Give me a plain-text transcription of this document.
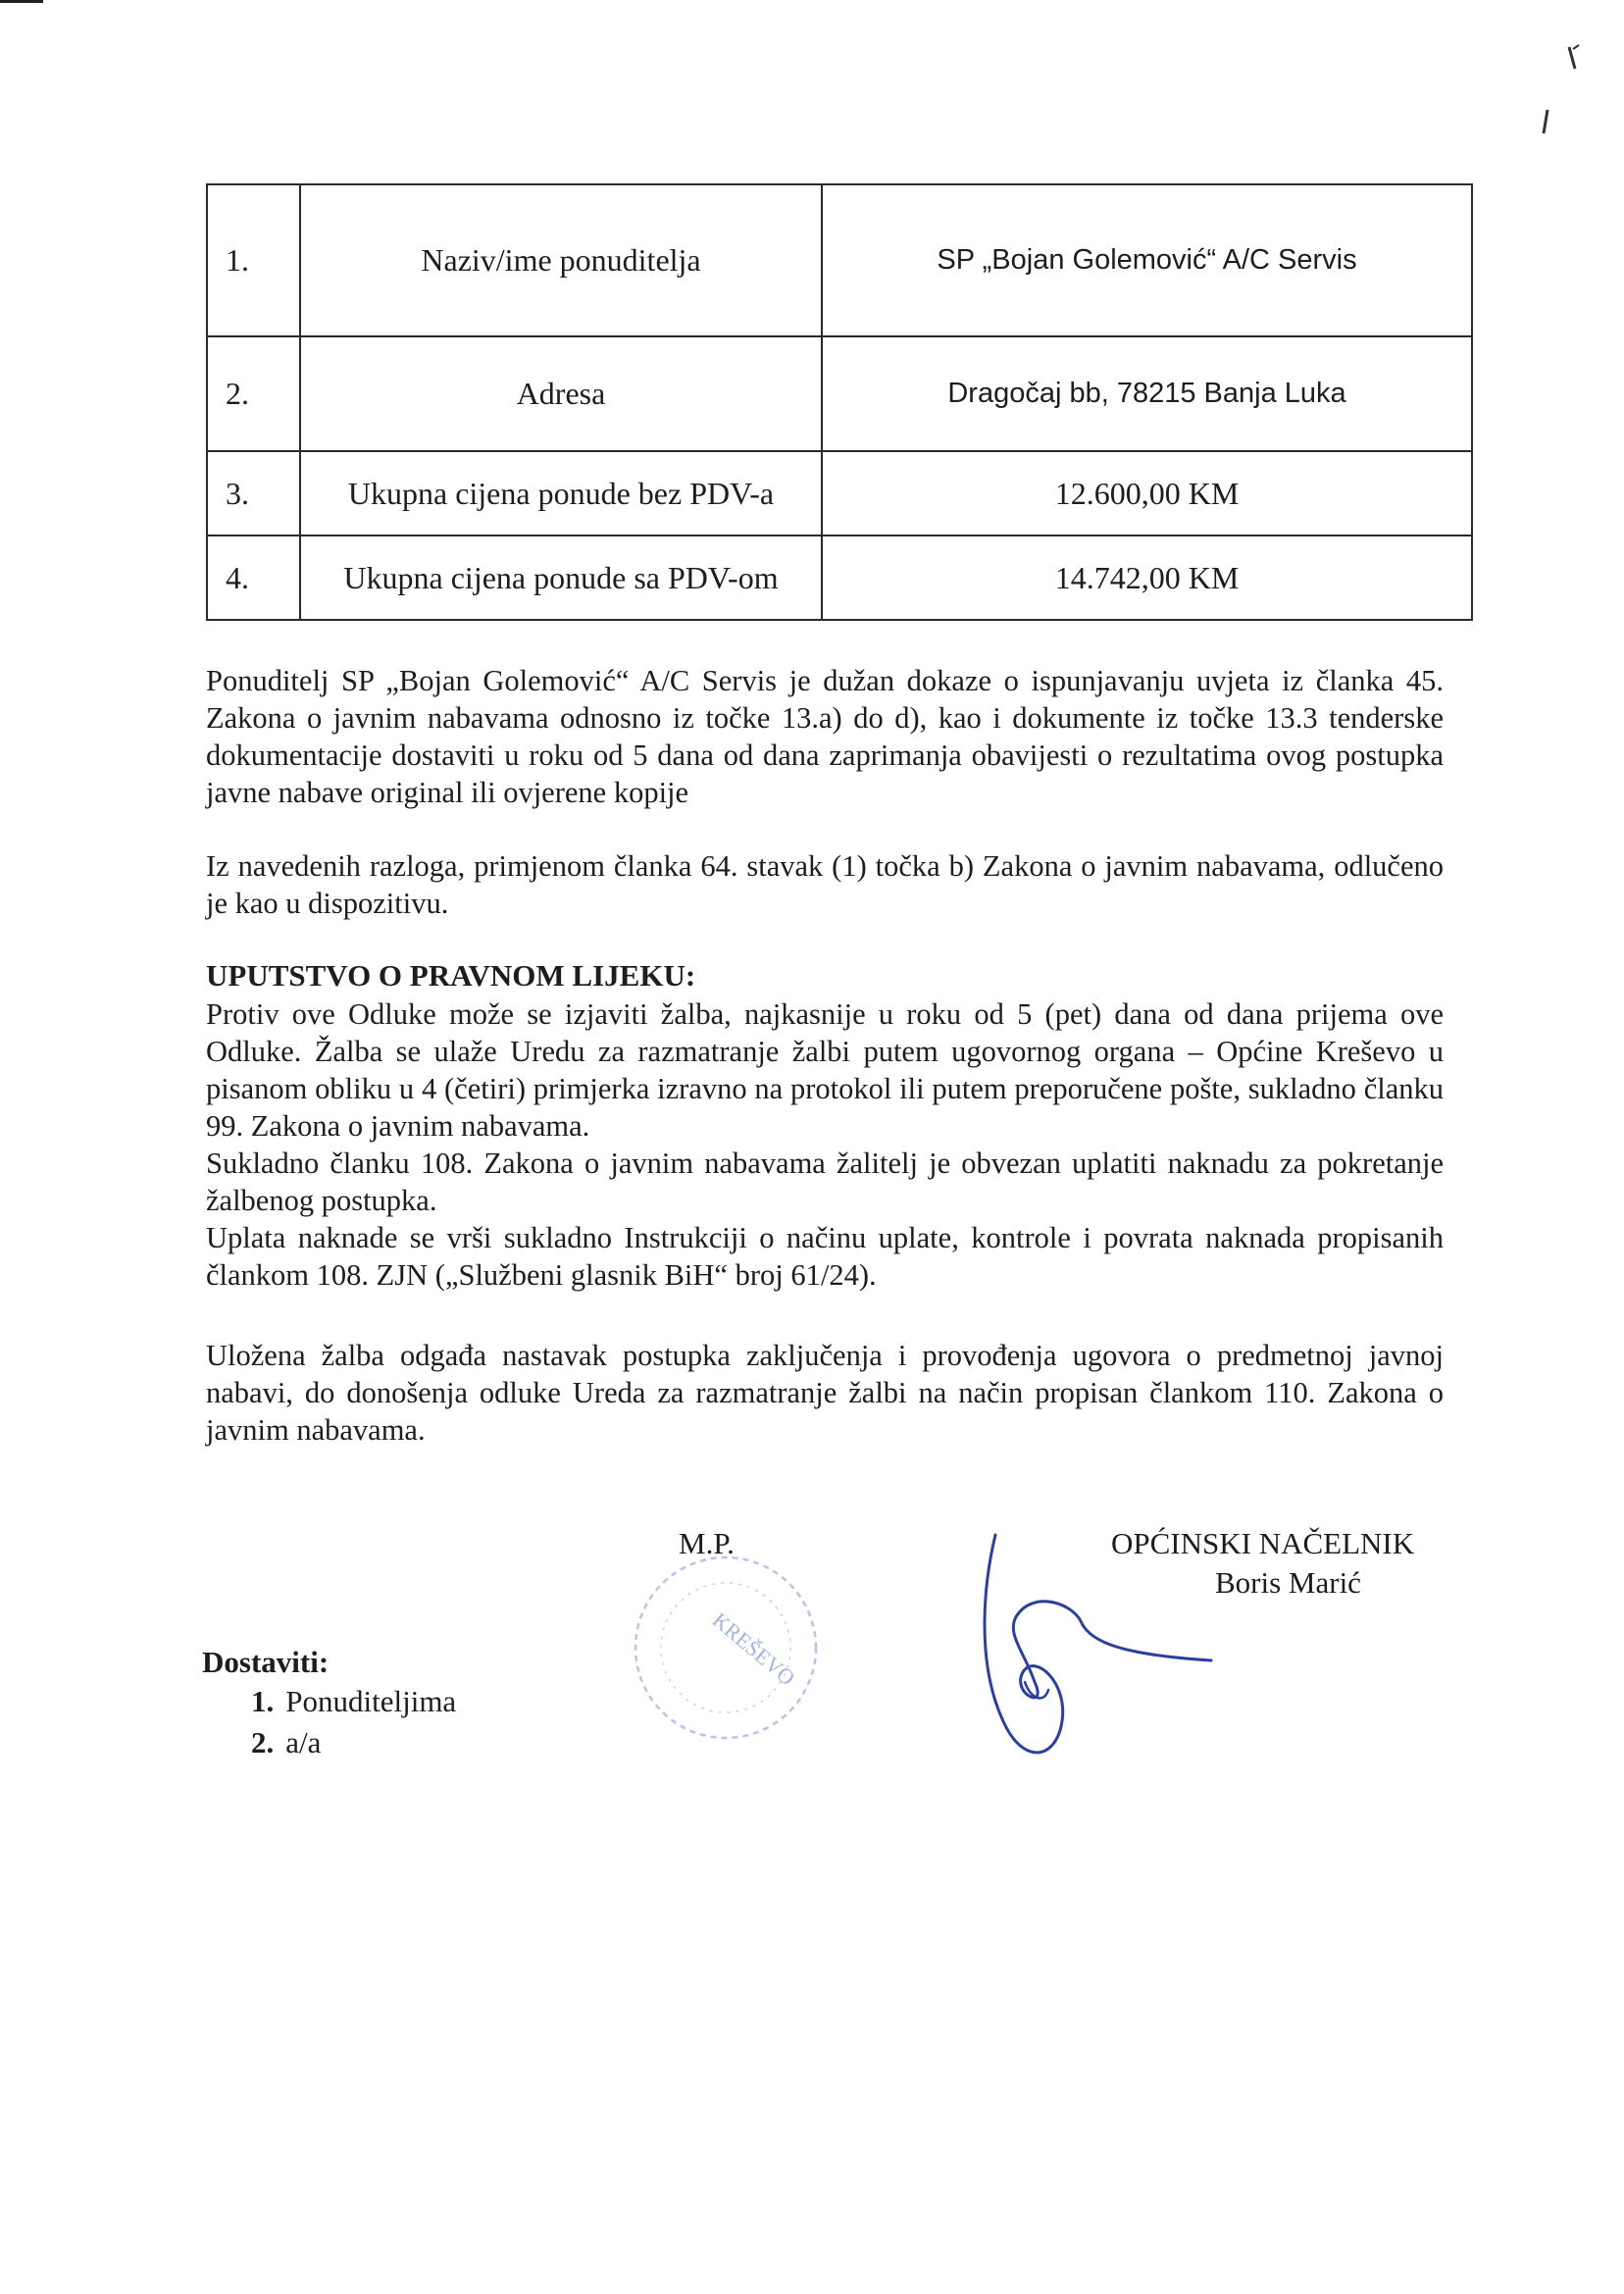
1.	Naziv/ime ponuditelja	SP „Bojan Golemović“ A/C Servis
2.	Adresa	Dragočaj bb, 78215 Banja Luka
3.	Ukupna cijena ponude bez PDV-a	12.600,00 KM
4.	Ukupna cijena ponude sa PDV-om	14.742,00 KM

Ponuditelj SP „Bojan Golemović“ A/C Servis je dužan dokaze o ispunjavanju uvjeta iz članka 45. Zakona o javnim nabavama odnosno iz točke 13.a) do d), kao i dokumente iz točke 13.3 tenderske dokumentacije dostaviti u roku od 5 dana od dana zaprimanja obavijesti o rezultatima ovog postupka javne nabave original ili ovjerene kopije

Iz navedenih razloga, primjenom članka 64. stavak (1) točka b) Zakona o javnim nabavama, odlučeno je kao u dispozitivu.

UPUTSTVO O PRAVNOM LIJEKU:

Protiv ove Odluke može se izjaviti žalba, najkasnije u roku od 5 (pet) dana od dana prijema ove Odluke. Žalba se ulaže Uredu za razmatranje žalbi putem ugovornog organa – Općine Kreševo u pisanom obliku u 4 (četiri) primjerka izravno na protokol ili putem preporučene pošte, sukladno članku 99. Zakona o javnim nabavama.
Sukladno članku 108. Zakona o javnim nabavama žalitelj je obvezan uplatiti naknadu za pokretanje žalbenog postupka.
Uplata naknade se vrši sukladno Instrukciji o načinu uplate, kontrole i povrata naknada propisanih člankom 108. ZJN („Službeni glasnik BiH“ broj 61/24).

Uložena žalba odgađa nastavak postupka zaključenja i provođenja ugovora o predmetnoj javnoj nabavi, do donošenja odluke Ureda za razmatranje žalbi na način propisan člankom 110. Zakona o javnim nabavama.

M.P.
KREŠEVO
OPĆINSKI NAČELNIK
Boris Marić
Dostaviti:
1. Ponuditeljima
2. a/a
